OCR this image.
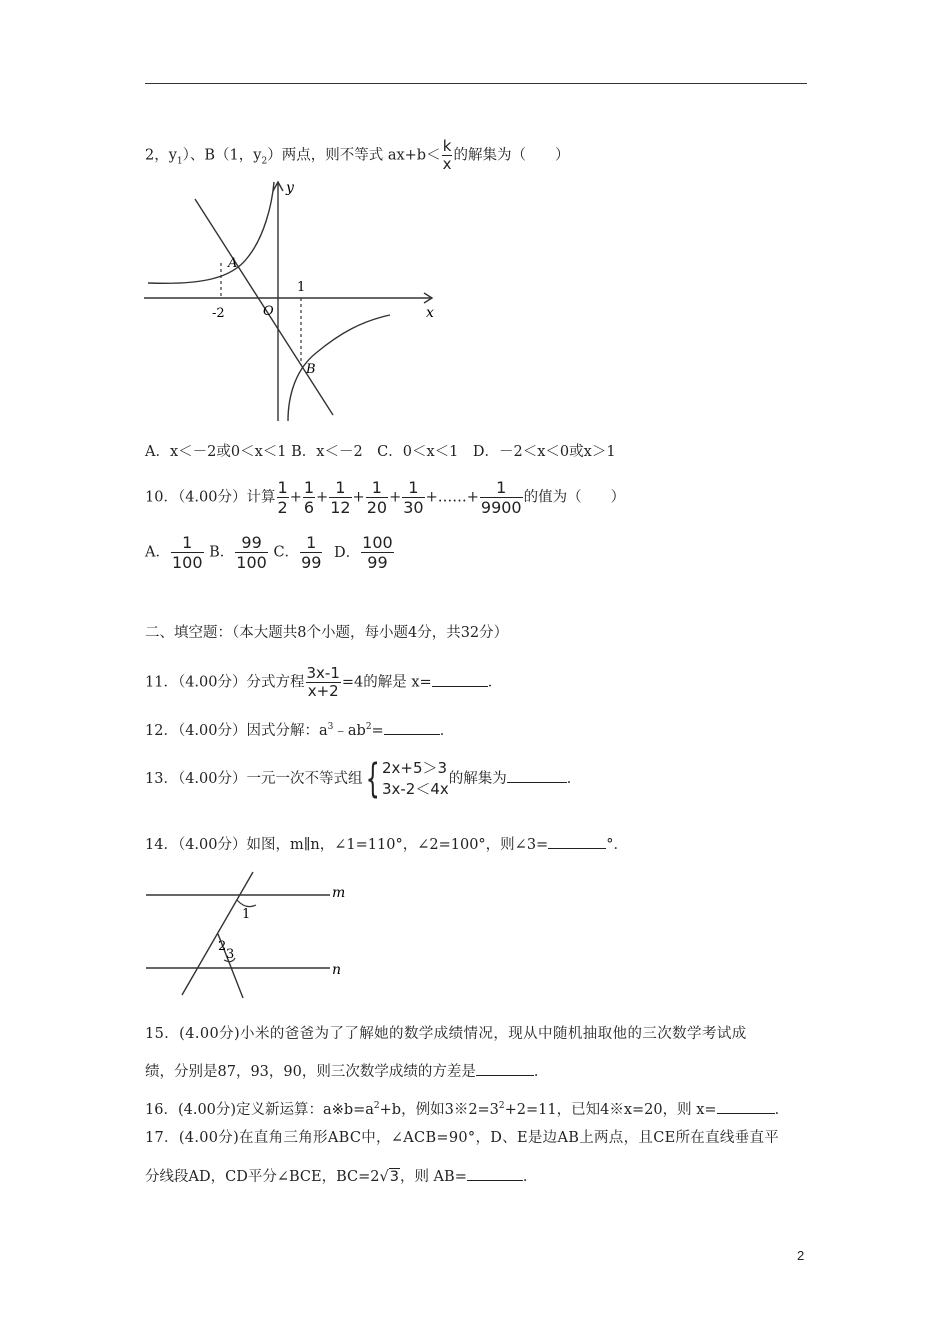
2，$y_1$）、B（1，$y_2$）两点，则不等式 $ax+b< \frac{k}{x}$ 的解集为（　　）
y
x
O
A
B
-2
1
A．x＜－2或0＜x＜1 B．x＜－2　C．0＜x＜1　D．－2＜x＜0或x＞1
10．（4.00分）计算 $\frac{1}{2} + \frac{1}{6} + \frac{1}{12} + \frac{1}{20} + \frac{1}{30}$ +……+ $\frac{1}{9900}$ 的值为（　　）
A． $\frac{1}{100}$ B． $\frac{99}{100}$ C． $\frac{1}{99}$ D． $\frac{100}{99}$
二、填空题：（本大题共8个小题，每小题4分，共32分）
11．（4.00分）分式方程 $\frac{3x-1}{x+2} =4$的解是 x=	．
12．（4.00分）因式分解：$a^3﹣ab^2=$	．
13．（4.00分）一元一次不等式组{ 2x+5＞3
3x-2＜4x
的解集为	．
14．（4.00分）如图，m∥n，∠1=110°，∠2=100°，则∠3=	°．
m
n
1
2
3
15．(4.00分)小米的爸爸为了了解她的数学成绩情况，现从中随机抽取他的三次数学考试成
绩，分别是87，93，90，则三次数学成绩的方差是	．
16．(4.00分)定义新运算：$a※b=a^2+b$，例如$3※2=3^2+2=11$，已知4※x=20，则 x=	．
17．(4.00分)在直角三角形ABC中，∠ACB=90°，D、E是边AB上两点，且CE所在直线垂直平
分线段AD，CD平分∠BCE，BC=2√3，则 AB=	．
2
